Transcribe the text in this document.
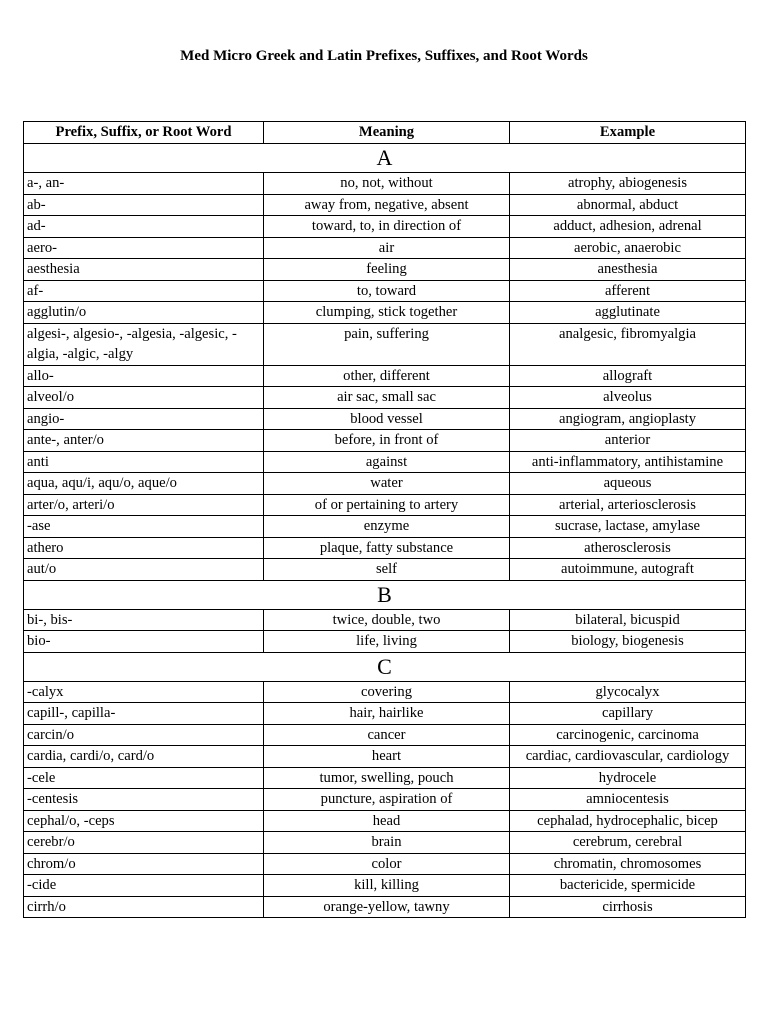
Med Micro Greek and Latin Prefixes, Suffixes, and Root Words
Prefix, Suffix, or Root Word	Meaning	Example
A		
a-, an-	no, not, without	atrophy, abiogenesis
ab-	away from, negative, absent	abnormal, abduct
ad-	toward, to, in direction of	adduct, adhesion, adrenal
aero-	air	aerobic, anaerobic
aesthesia	feeling	anesthesia
af-	to, toward	afferent
agglutin/o	clumping, stick together	agglutinate
algesi-, algesio-, -algesia, -algesic, -algia, -algic, -algy	pain, suffering	analgesic, fibromyalgia
allo-	other, different	allograft
alveol/o	air sac, small sac	alveolus
angio-	blood vessel	angiogram, angioplasty
ante-, anter/o	before, in front of	anterior
anti	against	anti-inflammatory, antihistamine
aqua, aqu/i, aqu/o, aque/o	water	aqueous
arter/o, arteri/o	of or pertaining to artery	arterial, arteriosclerosis
-ase	enzyme	sucrase, lactase, amylase
athero	plaque, fatty substance	atherosclerosis
aut/o	self	autoimmune, autograft
B		
bi-, bis-	twice, double, two	bilateral, bicuspid
bio-	life, living	biology, biogenesis
C		
-calyx	covering	glycocalyx
capill-, capilla-	hair, hairlike	capillary
carcin/o	cancer	carcinogenic, carcinoma
cardia, cardi/o, card/o	heart	cardiac, cardiovascular, cardiology
-cele	tumor, swelling, pouch	hydrocele
-centesis	puncture, aspiration of	amniocentesis
cephal/o, -ceps	head	cephalad, hydrocephalic, bicep
cerebr/o	brain	cerebrum, cerebral
chrom/o	color	chromatin, chromosomes
-cide	kill, killing	bactericide, spermicide
cirrh/o	orange-yellow, tawny	cirrhosis
